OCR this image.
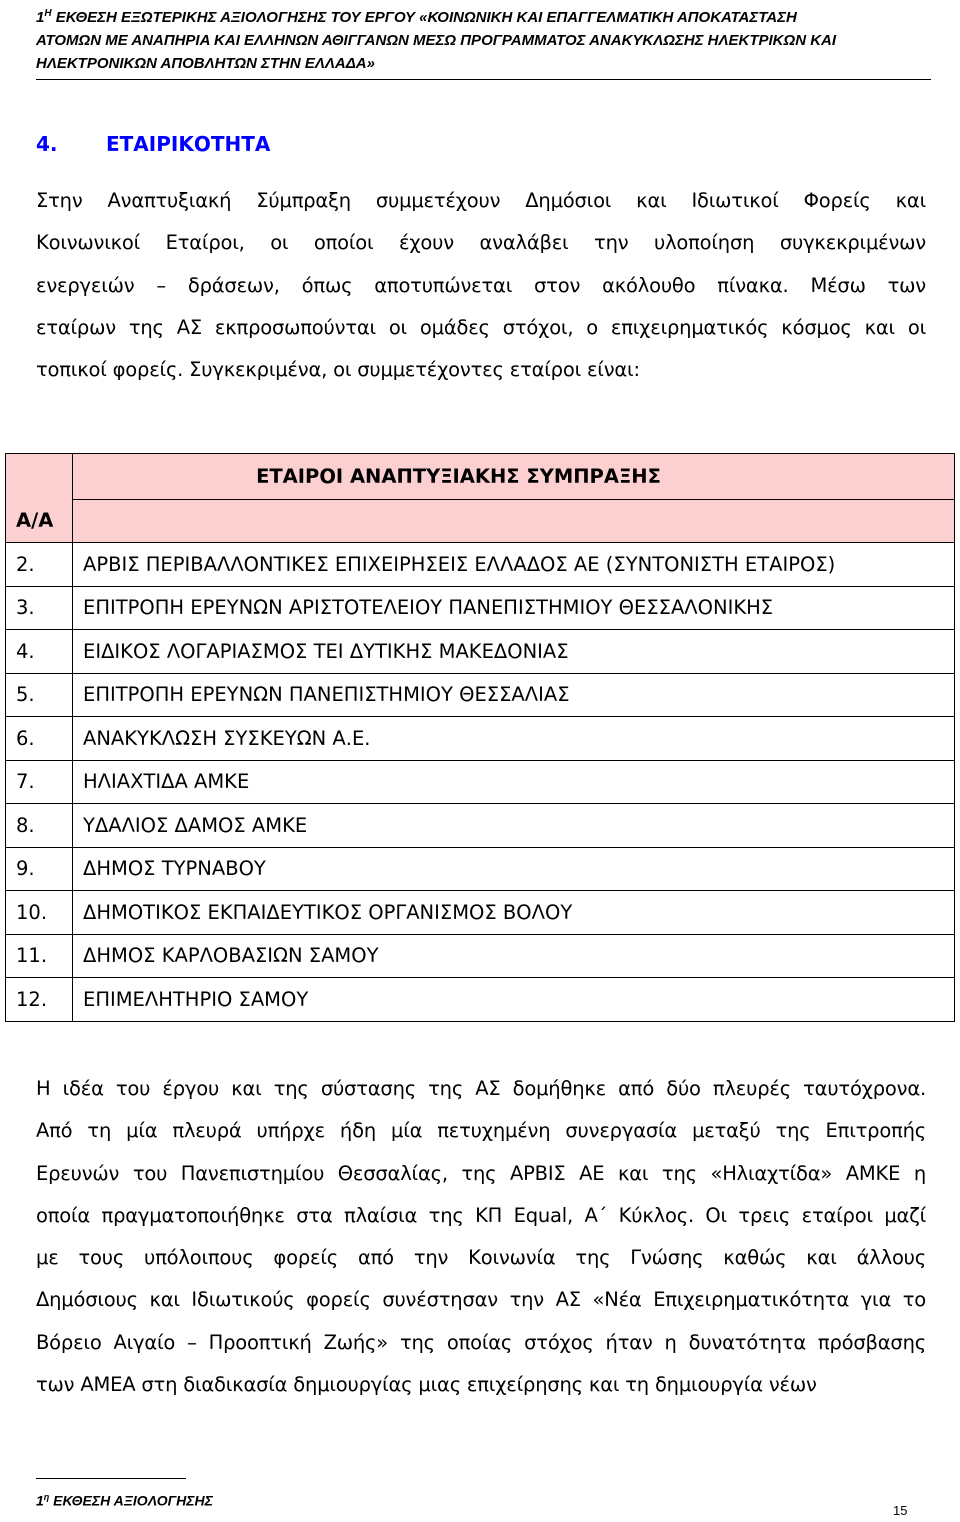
$1^H$ ΕΚΘΕΣΗ ΕΞΩΤΕΡΙΚΗΣ ΑΞΙΟΛΟΓΗΣΗΣ ΤΟΥ ΕΡΓΟΥ «ΚΟΙΝΩΝΙΚΗ ΚΑΙ ΕΠΑΓΓΕΛΜΑΤΙΚΗ ΑΠΟΚΑΤΑΣΤΑΣΗ
ΑΤΟΜΩΝ ΜΕ ΑΝΑΠΗΡΙΑ ΚΑΙ ΕΛΛΗΝΩΝ ΑΘΙΓΓΑΝΩΝ ΜΕΣΩ ΠΡΟΓΡΑΜΜΑΤΟΣ ΑΝΑΚΥΚΛΩΣΗΣ ΗΛΕΚΤΡΙΚΩΝ ΚΑΙ
ΗΛΕΚΤΡΟΝΙΚΩΝ ΑΠΟΒΛΗΤΩΝ ΣΤΗΝ ΕΛΛΑΔΑ»
4. ΕΤΑΙΡΙΚΟΤΗΤΑ
Στην Αναπτυξιακή Σύμπραξη συμμετέχουν Δημόσιοι και Ιδιωτικοί Φορείς και
Κοινωνικοί Εταίροι, οι οποίοι έχουν αναλάβει την υλοποίηση συγκεκριμένων
ενεργειών – δράσεων, όπως αποτυπώνεται στον ακόλουθο πίνακα. Μέσω των
εταίρων της ΑΣ εκπροσωπούνται οι ομάδες στόχοι, ο επιχειρηματικός κόσμος και οι
τοπικοί φορείς. Συγκεκριμένα, οι συμμετέχοντες εταίροι είναι:
Α/Α	ΕΤΑΙΡΟΙ ΑΝΑΠΤΥΞΙΑΚΗΣ ΣΥΜΠΡΑΞΗΣ

2.	ΑΡΒΙΣ ΠΕΡΙΒΑΛΛΟΝΤΙΚΕΣ ΕΠΙΧΕΙΡΗΣΕΙΣ ΕΛΛΑΔΟΣ ΑΕ (ΣΥΝΤΟΝΙΣΤΗ ΕΤΑΙΡΟΣ)
3.	ΕΠΙΤΡΟΠΗ ΕΡΕΥΝΩΝ ΑΡΙΣΤΟΤΕΛΕΙΟΥ ΠΑΝΕΠΙΣΤΗΜΙΟΥ ΘΕΣΣΑΛΟΝΙΚΗΣ
4.	ΕΙΔΙΚΟΣ ΛΟΓΑΡΙΑΣΜΟΣ ΤΕΙ ΔΥΤΙΚΗΣ ΜΑΚΕΔΟΝΙΑΣ
5.	ΕΠΙΤΡΟΠΗ ΕΡΕΥΝΩΝ ΠΑΝΕΠΙΣΤΗΜΙΟΥ ΘΕΣΣΑΛΙΑΣ
6.	ΑΝΑΚΥΚΛΩΣΗ ΣΥΣΚΕΥΩΝ Α.Ε.
7.	ΗΛΙΑΧΤΙΔΑ ΑΜΚΕ
8.	ΥΔΑΛΙΟΣ ΔΑΜΟΣ ΑΜΚΕ
9.	ΔΗΜΟΣ ΤΥΡΝΑΒΟΥ
10.	ΔΗΜΟΤΙΚΟΣ ΕΚΠΑΙΔΕΥΤΙΚΟΣ ΟΡΓΑΝΙΣΜΟΣ ΒΟΛΟΥ
11.	ΔΗΜΟΣ ΚΑΡΛΟΒΑΣΙΩΝ ΣΑΜΟΥ
12.	ΕΠΙΜΕΛΗΤΗΡΙΟ ΣΑΜΟΥ
Η ιδέα του έργου και της σύστασης της ΑΣ δομήθηκε από δύο πλευρές ταυτόχρονα.
Από τη μία πλευρά υπήρχε ήδη μία πετυχημένη συνεργασία μεταξύ της Επιτροπής
Ερευνών του Πανεπιστημίου Θεσσαλίας, της ΑΡΒΙΣ ΑΕ και της «Ηλιαχτίδα» ΑΜΚΕ η
οποία πραγματοποιήθηκε στα πλαίσια της ΚΠ Equal, Α΄ Κύκλος. Οι τρεις εταίροι μαζί
με τους υπόλοιπους φορείς από την Κοινωνία της Γνώσης καθώς και άλλους
Δημόσιους και Ιδιωτικούς φορείς συνέστησαν την ΑΣ «Νέα Επιχειρηματικότητα για το
Βόρειο Αιγαίο – Προοπτική Ζωής» της οποίας στόχος ήταν η δυνατότητα πρόσβασης
των ΑΜΕΑ στη διαδικασία δημιουργίας μιας επιχείρησης και τη δημιουργία νέων
$1^\eta$ ΕΚΘΕΣΗ ΑΞΙΟΛΟΓΗΣΗΣ
15
